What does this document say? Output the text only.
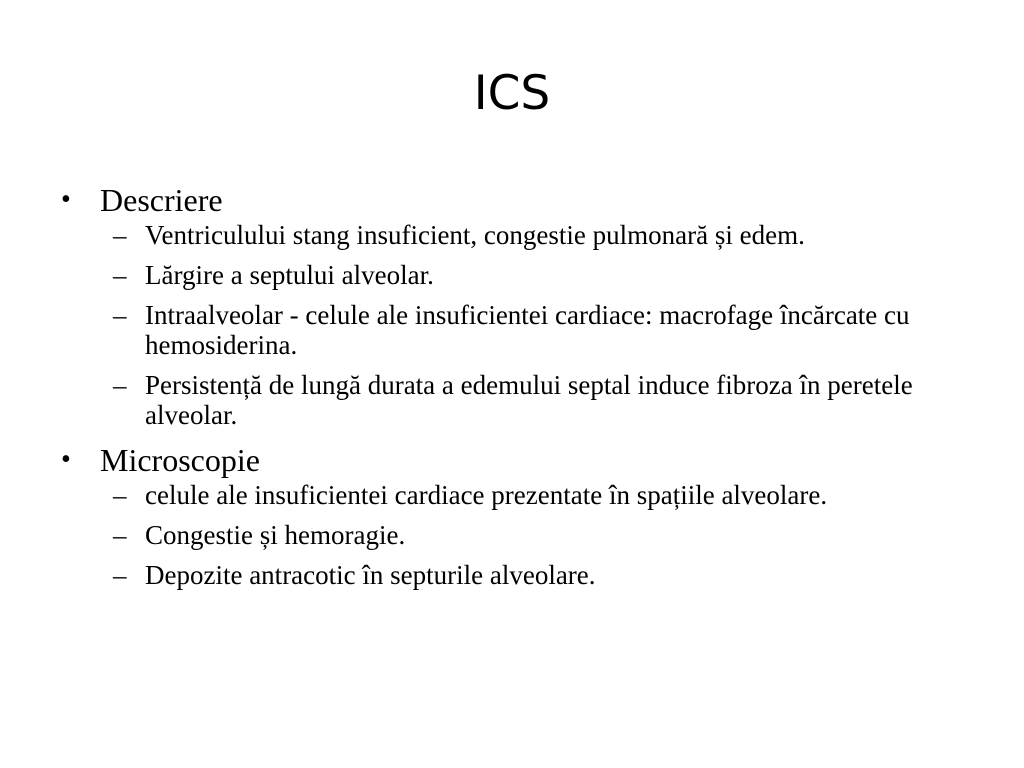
ICS
• Descriere
– Ventriculului stang insuficient, congestie pulmonară și edem.
– Lărgire a septului alveolar.
– Intraalveolar - celule ale insuficientei cardiace: macrofage încărcate cu hemosiderina.
– Persistență de lungă durata a edemului septal induce fibroza în peretele alveolar.
• Microscopie
– celule ale insuficientei cardiace prezentate în spațiile alveolare.
– Congestie și hemoragie.
– Depozite antracotic în septurile alveolare.
